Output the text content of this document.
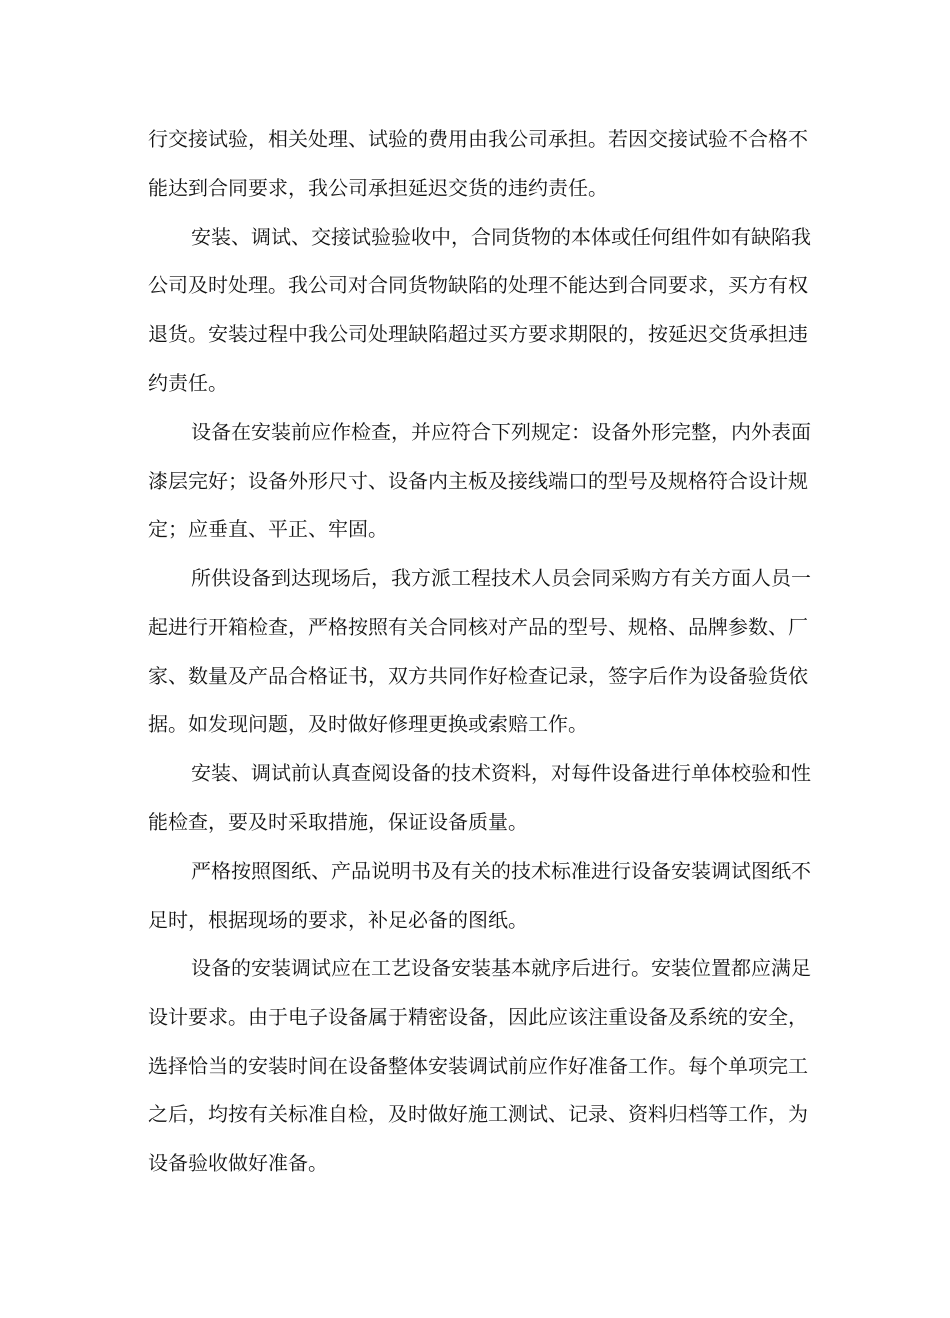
行交接试验，相关处理、试验的费用由我公司承担。若因交接试验不合格不
能达到合同要求，我公司承担延迟交货的违约责任。
安装、调试、交接试验验收中，合同货物的本体或任何组件如有缺陷我
公司及时处理。我公司对合同货物缺陷的处理不能达到合同要求，买方有权
退货。安装过程中我公司处理缺陷超过买方要求期限的，按延迟交货承担违
约责任。
设备在安装前应作检查，并应符合下列规定：设备外形完整，内外表面
漆层完好；设备外形尺寸、设备内主板及接线端口的型号及规格符合设计规
定；应垂直、平正、牢固。
所供设备到达现场后，我方派工程技术人员会同采购方有关方面人员一
起进行开箱检查，严格按照有关合同核对产品的型号、规格、品牌参数、厂
家、数量及产品合格证书，双方共同作好检查记录，签字后作为设备验货依
据。如发现问题，及时做好修理更换或索赔工作。
安装、调试前认真查阅设备的技术资料，对每件设备进行单体校验和性
能检查，要及时采取措施，保证设备质量。
严格按照图纸、产品说明书及有关的技术标准进行设备安装调试图纸不
足时，根据现场的要求，补足必备的图纸。
设备的安装调试应在工艺设备安装基本就序后进行。安装位置都应满足
设计要求。由于电子设备属于精密设备，因此应该注重设备及系统的安全，
选择恰当的安装时间在设备整体安装调试前应作好准备工作。每个单项完工
之后，均按有关标准自检，及时做好施工测试、记录、资料归档等工作，为
设备验收做好准备。
